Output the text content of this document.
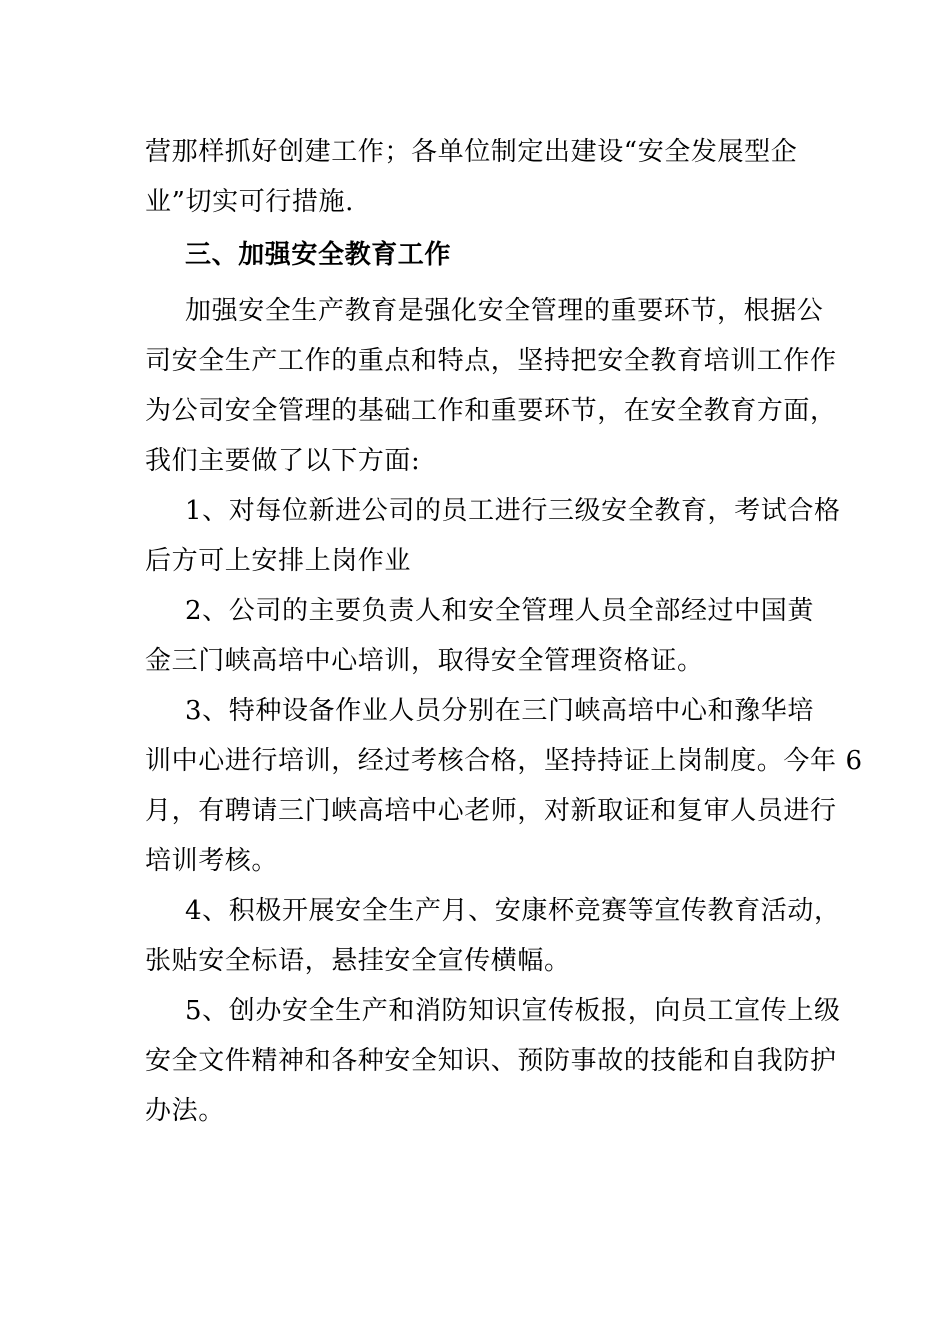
营那样抓好创建工作；各单位制定出建设“安全发展型企
业”切实可行措施.
三、加强安全教育工作
加强安全生产教育是强化安全管理的重要环节，根据公
司安全生产工作的重点和特点，坚持把安全教育培训工作作
为公司安全管理的基础工作和重要环节，在安全教育方面，
我们主要做了以下方面:
1、对每位新进公司的员工进行三级安全教育，考试合格
后方可上安排上岗作业
2、公司的主要负责人和安全管理人员全部经过中国黄
金三门峡高培中心培训，取得安全管理资格证。
3、特种设备作业人员分别在三门峡高培中心和豫华培
训中心进行培训，经过考核合格，坚持持证上岗制度。今年 6
月，有聘请三门峡高培中心老师，对新取证和复审人员进行
培训考核。
4、积极开展安全生产月、安康杯竞赛等宣传教育活动，
张贴安全标语，悬挂安全宣传横幅。
5、创办安全生产和消防知识宣传板报，向员工宣传上级
安全文件精神和各种安全知识、预防事故的技能和自我防护
办法。
